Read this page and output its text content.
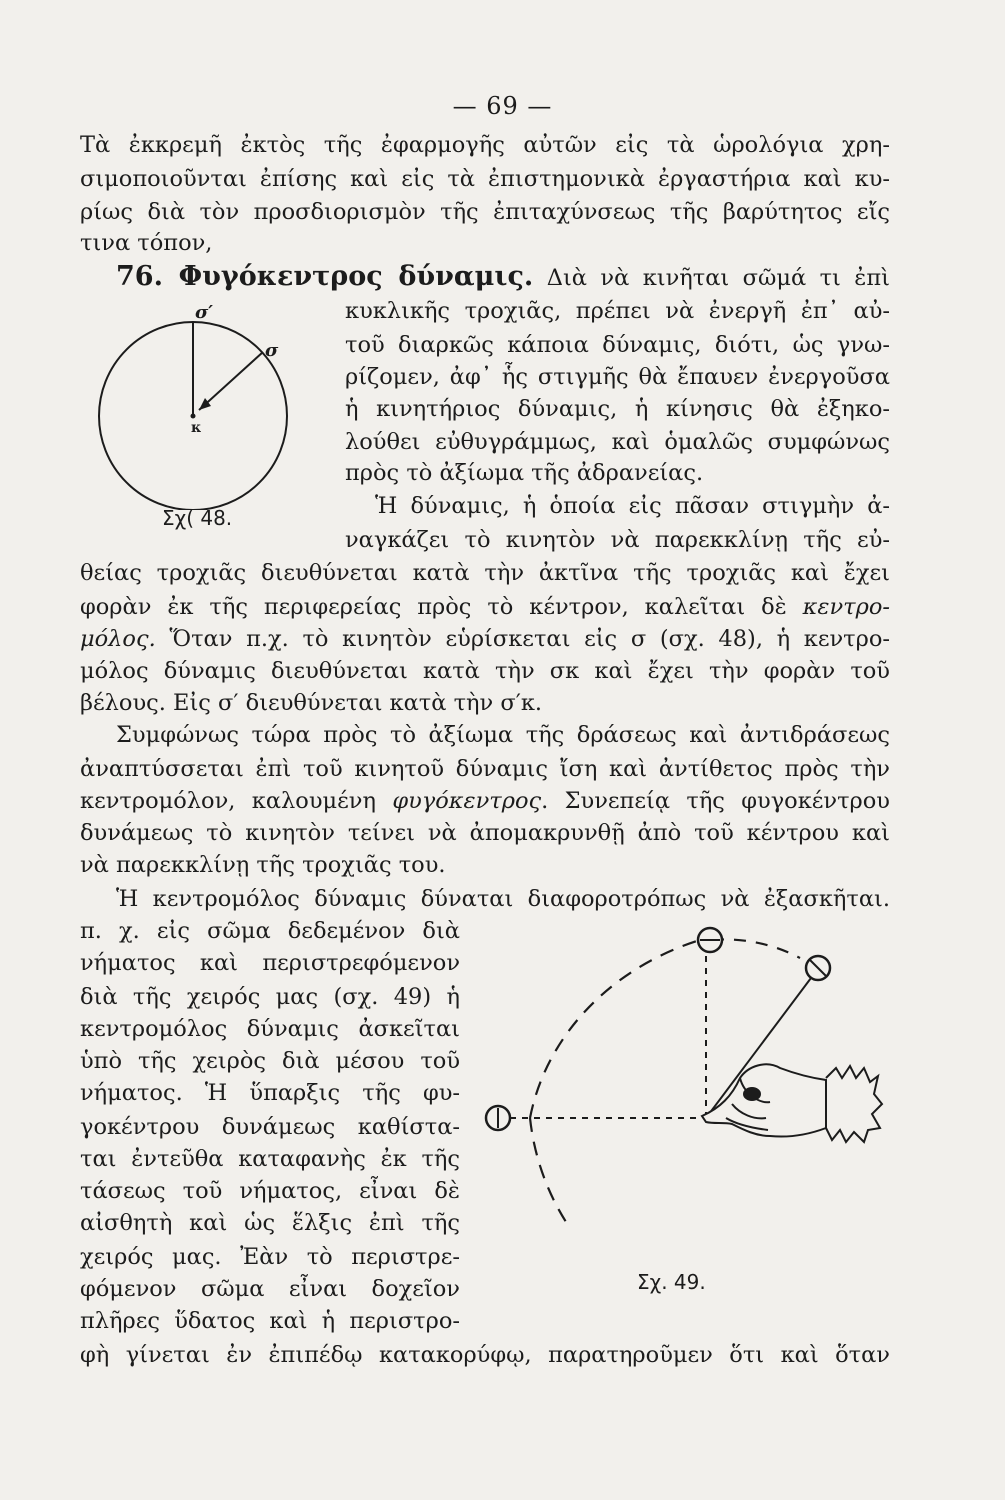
— 69 —
Τὰ ἐκκρεμῆ ἐκτὸς τῆς ἐφαρμογῆς αὐτῶν εἰς τὰ ὡρολόγια χρη-
σιμοποιοῦνται ἐπίσης καὶ εἰς τὰ ἐπιστημονικὰ ἐργαστήρια καὶ κυ-
ρίως διὰ τὸν προσδιορισμὸν τῆς ἐπιταχύνσεως τῆς βαρύτητος εἴς
τινα τόπον,
76. Φυγόκεντρος δύναμις. Διὰ νὰ κινῆται σῶμά τι ἐπὶ
κυκλικῆς τροχιᾶς, πρέπει νὰ ἐνεργῆ ἐπ᾽ αὐ-
τοῦ διαρκῶς κάποια δύναμις, διότι, ὡς γνω-
ρίζομεν, ἀφ᾽ ἧς στιγμῆς θὰ ἔπαυεν ἐνεργοῦσα
ἡ κινητήριος δύναμις, ἡ κίνησις θὰ ἐξηκο-
λούθει εὐθυγράμμως, καὶ ὁμαλῶς συμφώνως
πρὸς τὸ ἀξίωμα τῆς ἀδρανείας.
Ἡ δύναμις, ἡ ὁποία εἰς πᾶσαν στιγμὴν ἀ-
ναγκάζει τὸ κινητὸν νὰ παρεκκλίνῃ τῆς εὐ-
σ′
σ
κ
Σχ( 48.
θείας τροχιᾶς διευθύνεται κατὰ τὴν ἀκτῖνα τῆς τροχιᾶς καὶ ἔχει
φορὰν ἐκ τῆς περιφερείας πρὸς τὸ κέντρον, καλεῖται δὲ κεντρο-
μόλος. Ὅταν π.χ. τὸ κινητὸν εὑρίσκεται εἰς σ (σχ. 48), ἡ κεντρο-
μόλος δύναμις διευθύνεται κατὰ τὴν σκ καὶ ἔχει τὴν φορὰν τοῦ
βέλους. Εἰς σ′ διευθύνεται κατὰ τὴν σ′κ.
Συμφώνως τώρα πρὸς τὸ ἀξίωμα τῆς δράσεως καὶ ἀντιδράσεως
ἀναπτύσσεται ἐπὶ τοῦ κινητοῦ δύναμις ἴση καὶ ἀντίθετος πρὸς τὴν
κεντρομόλον, καλουμένη φυγόκεντρος. Συνεπείᾳ τῆς φυγοκέντρου
δυνάμεως τὸ κινητὸν τείνει νὰ ἀπομακρυνθῇ ἀπὸ τοῦ κέντρου καὶ
νὰ παρεκκλίνῃ τῆς τροχιᾶς του.
Ἡ κεντρομόλος δύναμις δύναται διαφοροτρόπως νὰ ἐξασκῆται.
π. χ. εἰς σῶμα δεδεμένον διὰ
νήματος καὶ περιστρεφόμενον
διὰ τῆς χειρός μας (σχ. 49) ἡ
κεντρομόλος δύναμις ἀσκεῖται
ὑπὸ τῆς χειρὸς διὰ μέσου τοῦ
νήματος. Ἡ ὕπαρξις τῆς φυ-
γοκέντρου δυνάμεως καθίστα-
ται ἐντεῦθα καταφανὴς ἐκ τῆς
τάσεως τοῦ νήματος, εἶναι δὲ
αἰσθητὴ καὶ ὡς ἕλξις ἐπὶ τῆς
χειρός μας. Ἐὰν τὸ περιστρε-
φόμενον σῶμα εἶναι δοχεῖον
πλῆρες ὕδατος καὶ ἡ περιστρο-
φὴ γίνεται ἐν ἐπιπέδῳ κατακορύφῳ, παρατηροῦμεν ὅτι καὶ ὅταν
Σχ. 49.
